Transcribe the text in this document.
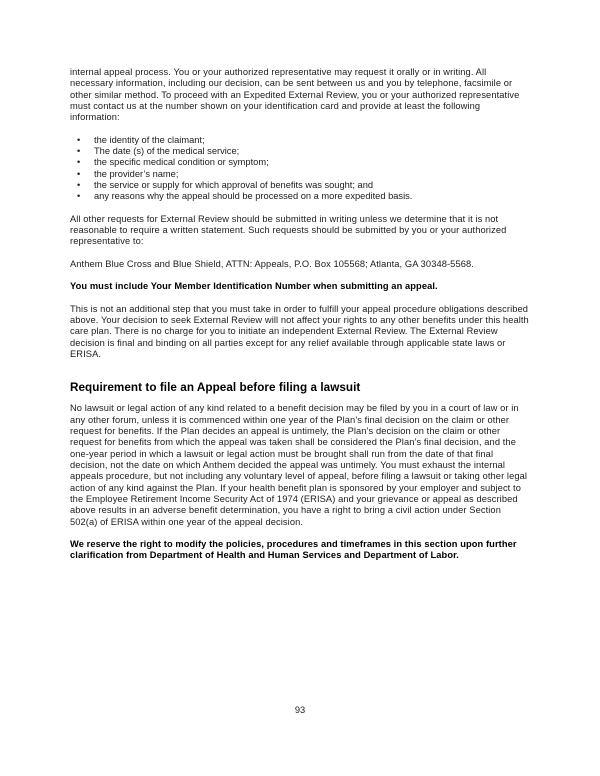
internal appeal process. You or your authorized representative may request it orally or in writing. All necessary information, including our decision, can be sent between us and you by telephone, facsimile or other similar method. To proceed with an Expedited External Review, you or your authorized representative must contact us at the number shown on your identification card and provide at least the following information:

• the identity of the claimant;
• The date (s) of the medical service;
• the specific medical condition or symptom;
• the provider’s name;
• the service or supply for which approval of benefits was sought; and
• any reasons why the appeal should be processed on a more expedited basis.

All other requests for External Review should be submitted in writing unless we determine that it is not reasonable to require a written statement. Such requests should be submitted by you or your authorized representative to:

Anthem Blue Cross and Blue Shield, ATTN: Appeals, P.O. Box 105568; Atlanta, GA 30348-5568.

You must include Your Member Identification Number when submitting an appeal.

This is not an additional step that you must take in order to fulfill your appeal procedure obligations described above. Your decision to seek External Review will not affect your rights to any other benefits under this health care plan. There is no charge for you to initiate an independent External Review. The External Review decision is final and binding on all parties except for any relief available through applicable state laws or ERISA.

Requirement to file an Appeal before filing a lawsuit

No lawsuit or legal action of any kind related to a benefit decision may be filed by you in a court of law or in any other forum, unless it is commenced within one year of the Plan’s final decision on the claim or other request for benefits. If the Plan decides an appeal is untimely, the Plan’s decision on the claim or other request for benefits from which the appeal was taken shall be considered the Plan’s final decision, and the one-year period in which a lawsuit or legal action must be brought shall run from the date of that final decision, not the date on which Anthem decided the appeal was untimely. You must exhaust the internal appeals procedure, but not including any voluntary level of appeal, before filing a lawsuit or taking other legal action of any kind against the Plan. If your health benefit plan is sponsored by your employer and subject to the Employee Retirement Income Security Act of 1974 (ERISA) and your grievance or appeal as described above results in an adverse benefit determination, you have a right to bring a civil action under Section 502(a) of ERISA within one year of the appeal decision.

We reserve the right to modify the policies, procedures and timeframes in this section upon further clarification from Department of Health and Human Services and Department of Labor.

93
